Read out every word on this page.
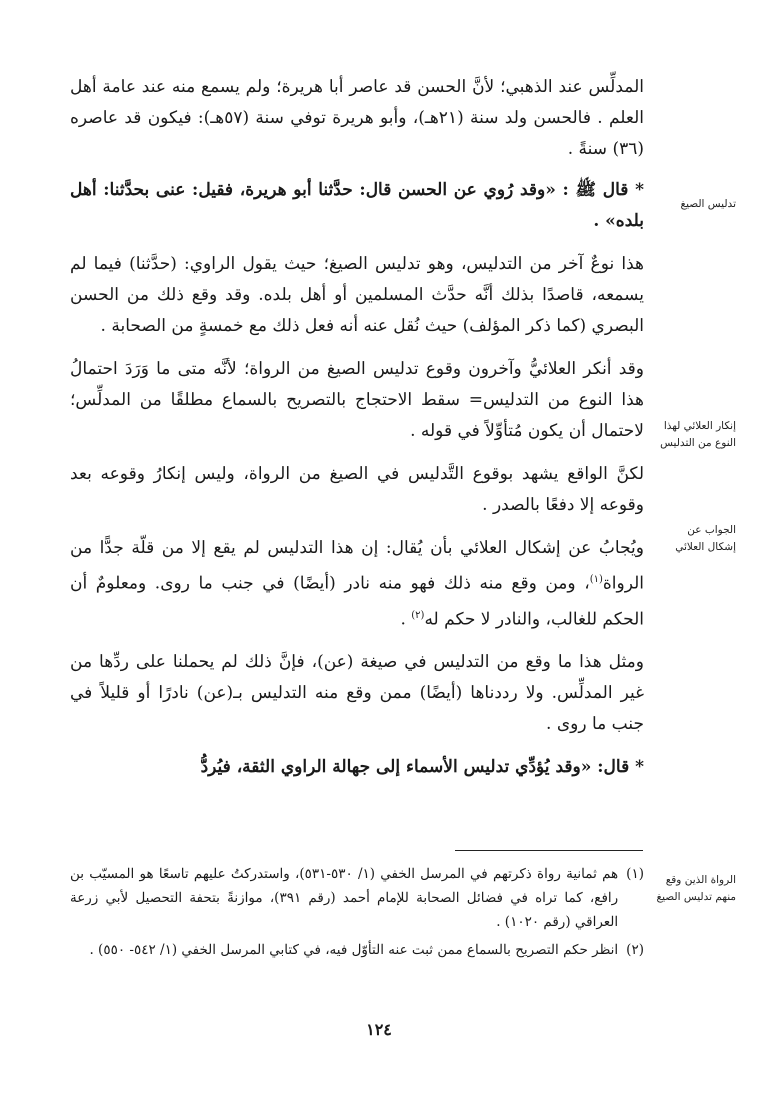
المدلِّس عند الذهبي؛ لأنَّ الحسن قد عاصر أبا هريرة؛ ولم يسمع منه عند عامة أهل العلم . فالحسن ولد سنة (٢١هـ)، وأبو هريرة توفي سنة (٥٧هـ): فيكون قد عاصره (٣٦) سنةً .

* قال ﷺ : «وقد رُوي عن الحسن قال: حدَّثنا أبو هريرة، فقيل: عنى بحدَّثنا: أهل بلده» .

هذا نوعٌ آخر من التدليس، وهو تدليس الصيغ؛ حيث يقول الراوي: (حدَّثنا) فيما لم يسمعه، قاصدًا بذلك أنَّه حدَّث المسلمين أو أهل بلده. وقد وقع ذلك من الحسن البصري (كما ذكر المؤلف) حيث نُقل عنه أنه فعل ذلك مع خمسةٍ من الصحابة .

وقد أنكر العلائيُّ وآخرون وقوع تدليس الصيغ من الرواة؛ لأنَّه متى ما وَرَدَ احتمالُ هذا النوع من التدليس= سقط الاحتجاج بالتصريح بالسماع مطلقًا من المدلِّس؛ لاحتمال أن يكون مُتأوِّلاً في قوله .

لكنَّ الواقع يشهد بوقوع التَّدليس في الصيغ من الرواة، وليس إنكارُ وقوعه بعد وقوعه إلا دفعًا بالصدر .

ويُجابُ عن إشكال العلائي بأن يُقال: إن هذا التدليس لم يقع إلا من قلّة جدًّا من الرواة$^{(١)}$، ومن وقع منه ذلك فهو منه نادر (أيضًا) في جنب ما روى. ومعلومٌ أن الحكم للغالب، والنادر لا حكم له$^{(٢)}$ .

ومثل هذا ما وقع من التدليس في صيغة (عن)، فإنَّ ذلك لم يحملنا على ردِّها من غير المدلِّس. ولا رددناها (أيضًا) ممن وقع منه التدليس بـ(عن) نادرًا أو قليلاً في جنب ما روى .

* قال: «وقد يُؤدِّي تدليس الأسماء إلى جهالة الراوي الثقة، فيُردُّ

تدليس الصيغ
إنكار العلائي لهذا النوع من التدليس
الجواب عن إشكال العلائي
الرواة الذين وقع منهم تدليس الصيغ
(١)
هم ثمانية رواة ذكرتهم في المرسل الخفي (١/ ٥٣٠-٥٣١)، واستدركتُ عليهم تاسعًا هو المسيّب بن رافع، كما تراه في فضائل الصحابة للإمام أحمد (رقم ٣٩١)، موازنةً بتحفة التحصيل لأبي زرعة العراقي (رقم ١٠٢٠) .
(٢)
انظر حكم التصريح بالسماع ممن ثبت عنه التأوّل فيه، في كتابي المرسل الخفي (١/ ٥٤٢- ٥٥٠) .
١٢٤
